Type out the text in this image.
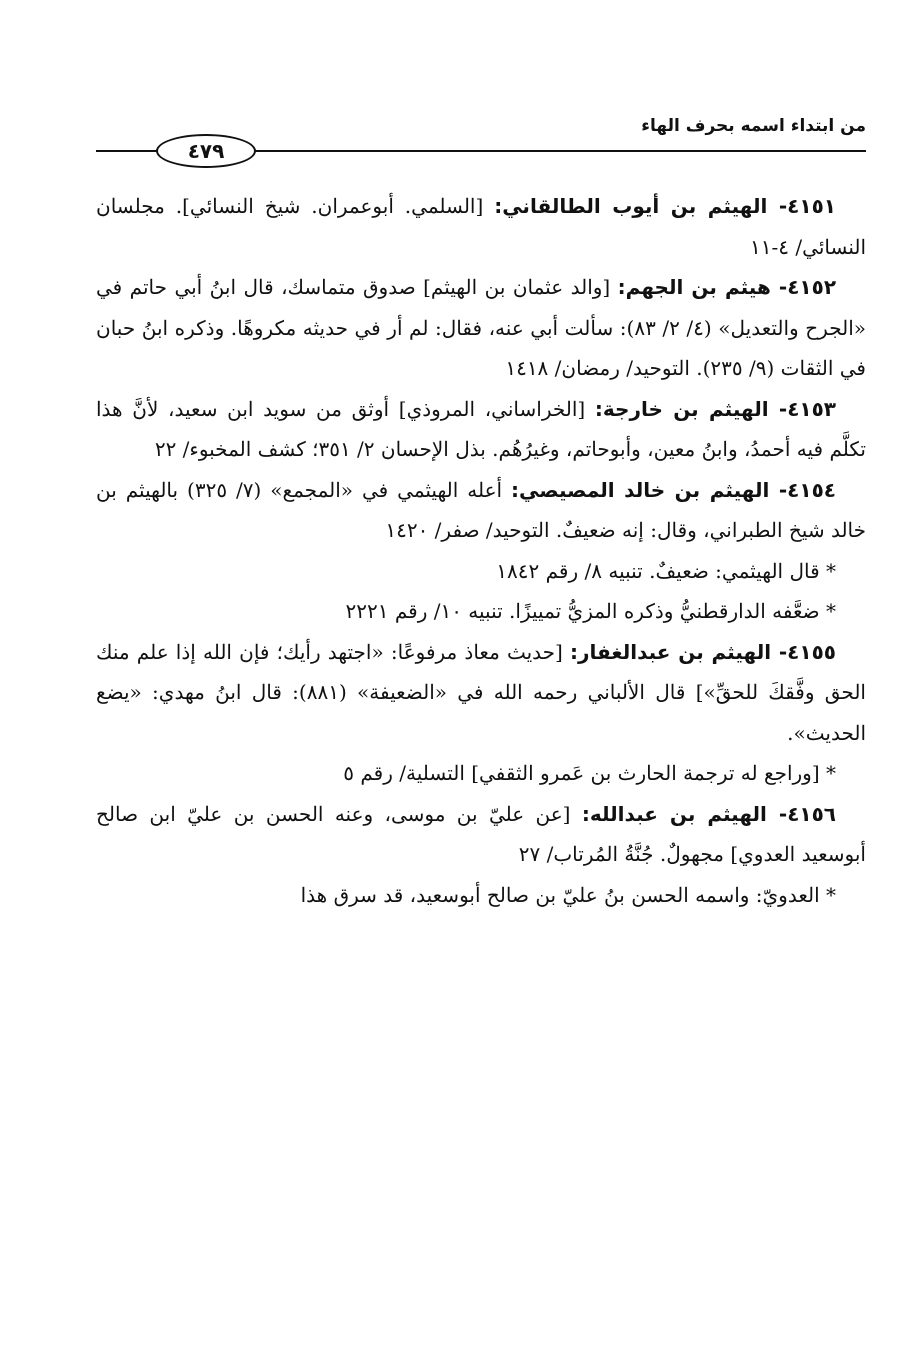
من ابتداء اسمه بحرف الهاء
٤٧٩

٤١٥١- الهيثم بن أيوب الطالقاني: [السلمي. أبوعمران. شيخ النسائي]. مجلسان النسائي/ ٤-١١

٤١٥٢- هيثم بن الجهم: [والد عثمان بن الهيثم] صدوق متماسك، قال ابنُ أبي حاتم في «الجرح والتعديل» (٤/ ٢/ ٨٣): سألت أبي عنه، فقال: لم أر في حديثه مكروهًا. وذكره ابنُ حبان في الثقات (٩/ ٢٣٥). التوحيد/ رمضان/ ١٤١٨

٤١٥٣- الهيثم بن خارجة: [الخراساني، المروذي] أوثق من سويد ابن سعيد، لأنَّ هذا تكلَّم فيه أحمدُ، وابنُ معين، وأبوحاتم، وغيرُهُم. بذل الإحسان ٢/ ٣٥١؛ كشف المخبوء/ ٢٢

٤١٥٤- الهيثم بن خالد المصيصي: أعله الهيثمي في «المجمع» (٧/ ٣٢٥) بالهيثم بن خالد شيخ الطبراني، وقال: إنه ضعيفٌ. التوحيد/ صفر/ ١٤٢٠

* قال الهيثمي: ضعيفٌ. تنبيه ٨/ رقم ١٨٤٢

* ضعَّفه الدارقطنيُّ وذكره المزيُّ تمييزًا. تنبيه ١٠/ رقم ٢٢٢١

٤١٥٥- الهيثم بن عبدالغفار: [حديث معاذ مرفوعًا: «اجتهد رأيك؛ فإن الله إذا علم منك الحق وفَّقكَ للحقِّ»] قال الألباني رحمه الله في «الضعيفة» (٨٨١): قال ابنُ مهدي: «يضع الحديث».

* [وراجع له ترجمة الحارث بن عَمرو الثقفي] التسلية/ رقم ٥

٤١٥٦- الهيثم بن عبدالله: [عن عليّ بن موسى، وعنه الحسن بن عليّ ابن صالح أبوسعيد العدوي] مجهولٌ. جُنَّةُ المُرتاب/ ٢٧

* العدويّ: واسمه الحسن بنُ عليّ بن صالح أبوسعيد، قد سرق هذا
